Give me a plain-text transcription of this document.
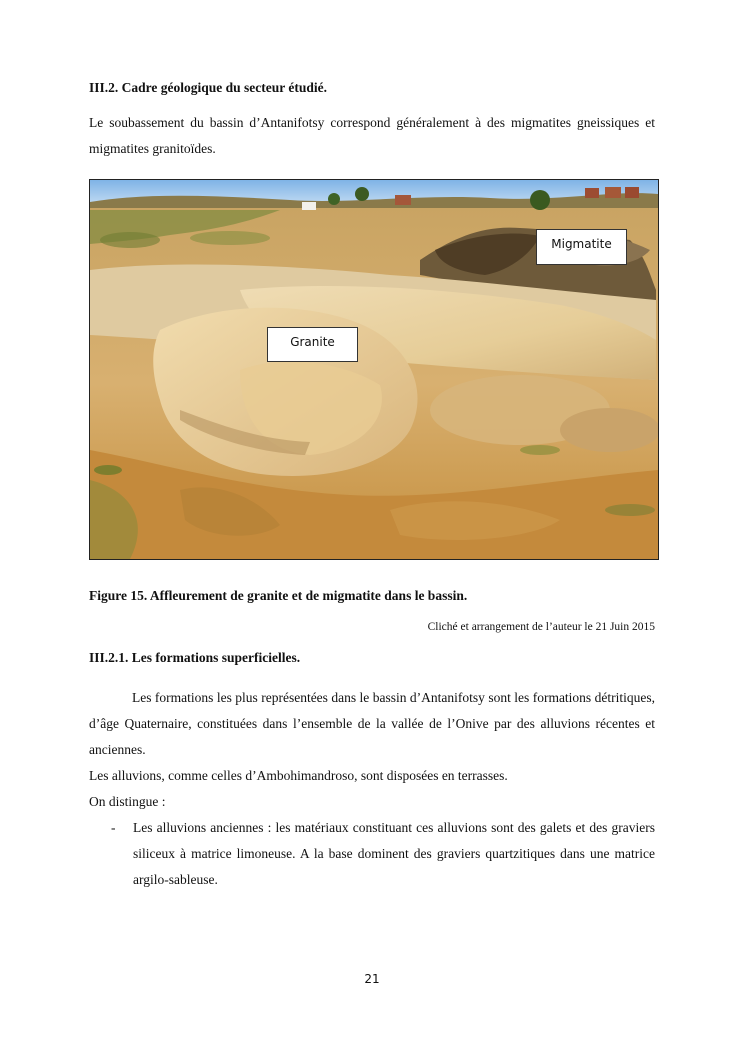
III.2. Cadre géologique du secteur étudié.
Le soubassement du bassin d’Antanifotsy correspond généralement à des migmatites gneissiques et migmatites granitoïdes.
Migmatite
Granite
Figure 15. Affleurement de granite et de migmatite dans le bassin.
Cliché et arrangement de l’auteur le 21 Juin 2015
III.2.1. Les formations superficielles.

Les formations les plus représentées dans le bassin d’Antanifotsy sont les formations détritiques, d’âge Quaternaire, constituées dans l’ensemble de la vallée de l’Onive par des alluvions récentes et anciennes.

Les alluvions, comme celles d’Ambohimandroso, sont disposées en terrasses.

On distingue :

- Les alluvions anciennes : les matériaux constituant ces alluvions sont des galets et des graviers siliceux à matrice limoneuse. A la base dominent des graviers quartzitiques dans une matrice argilo-sableuse.
21
